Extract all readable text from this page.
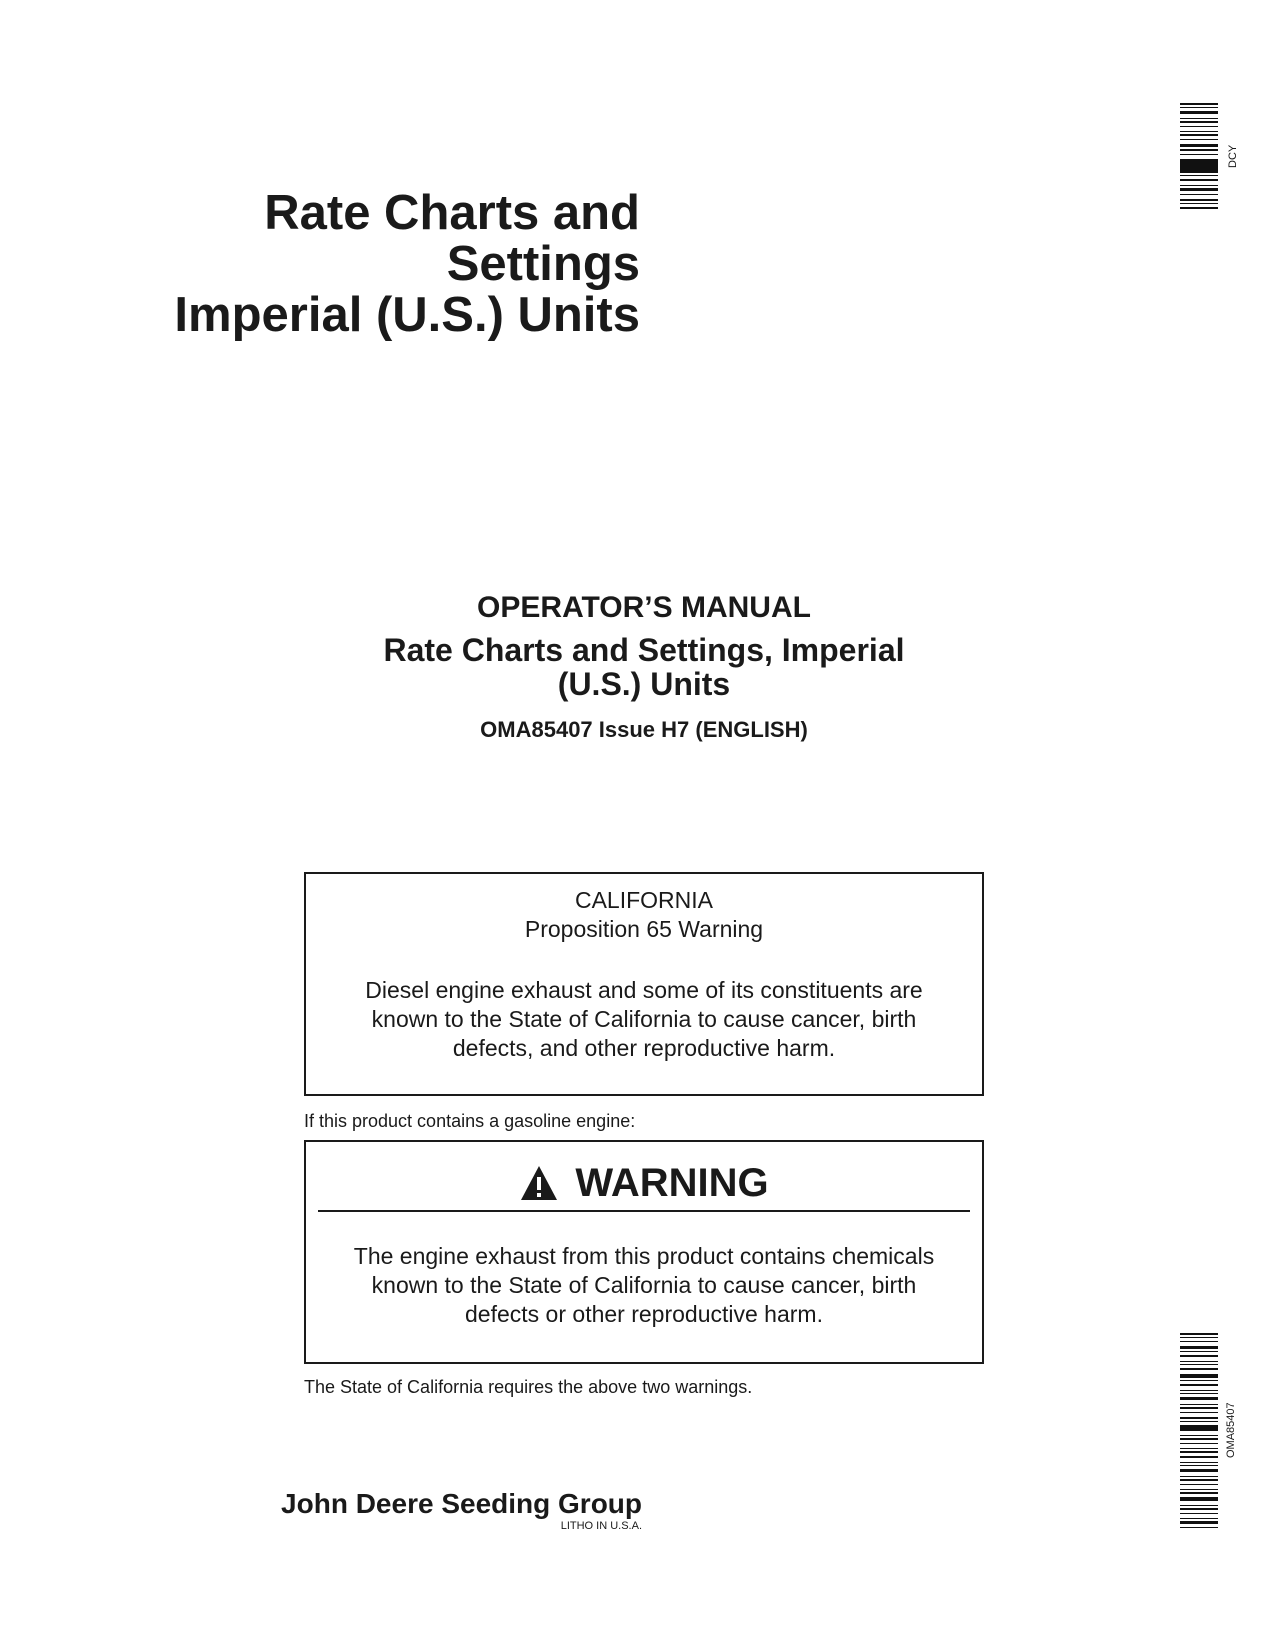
Rate Charts and
Settings
Imperial (U.S.) Units
OPERATOR’S MANUAL
Rate Charts and Settings, Imperial
(U.S.) Units
OMA85407 Issue H7 (ENGLISH)
CALIFORNIA
Proposition 65 Warning
Diesel engine exhaust and some of its constituents are
known to the State of California to cause cancer, birth
defects, and other reproductive harm.
If this product contains a gasoline engine:
WARNING
The engine exhaust from this product contains chemicals
known to the State of California to cause cancer, birth
defects or other reproductive harm.
The State of California requires the above two warnings.
John Deere Seeding Group
LITHO IN U.S.A.
DCY
OMA85407
